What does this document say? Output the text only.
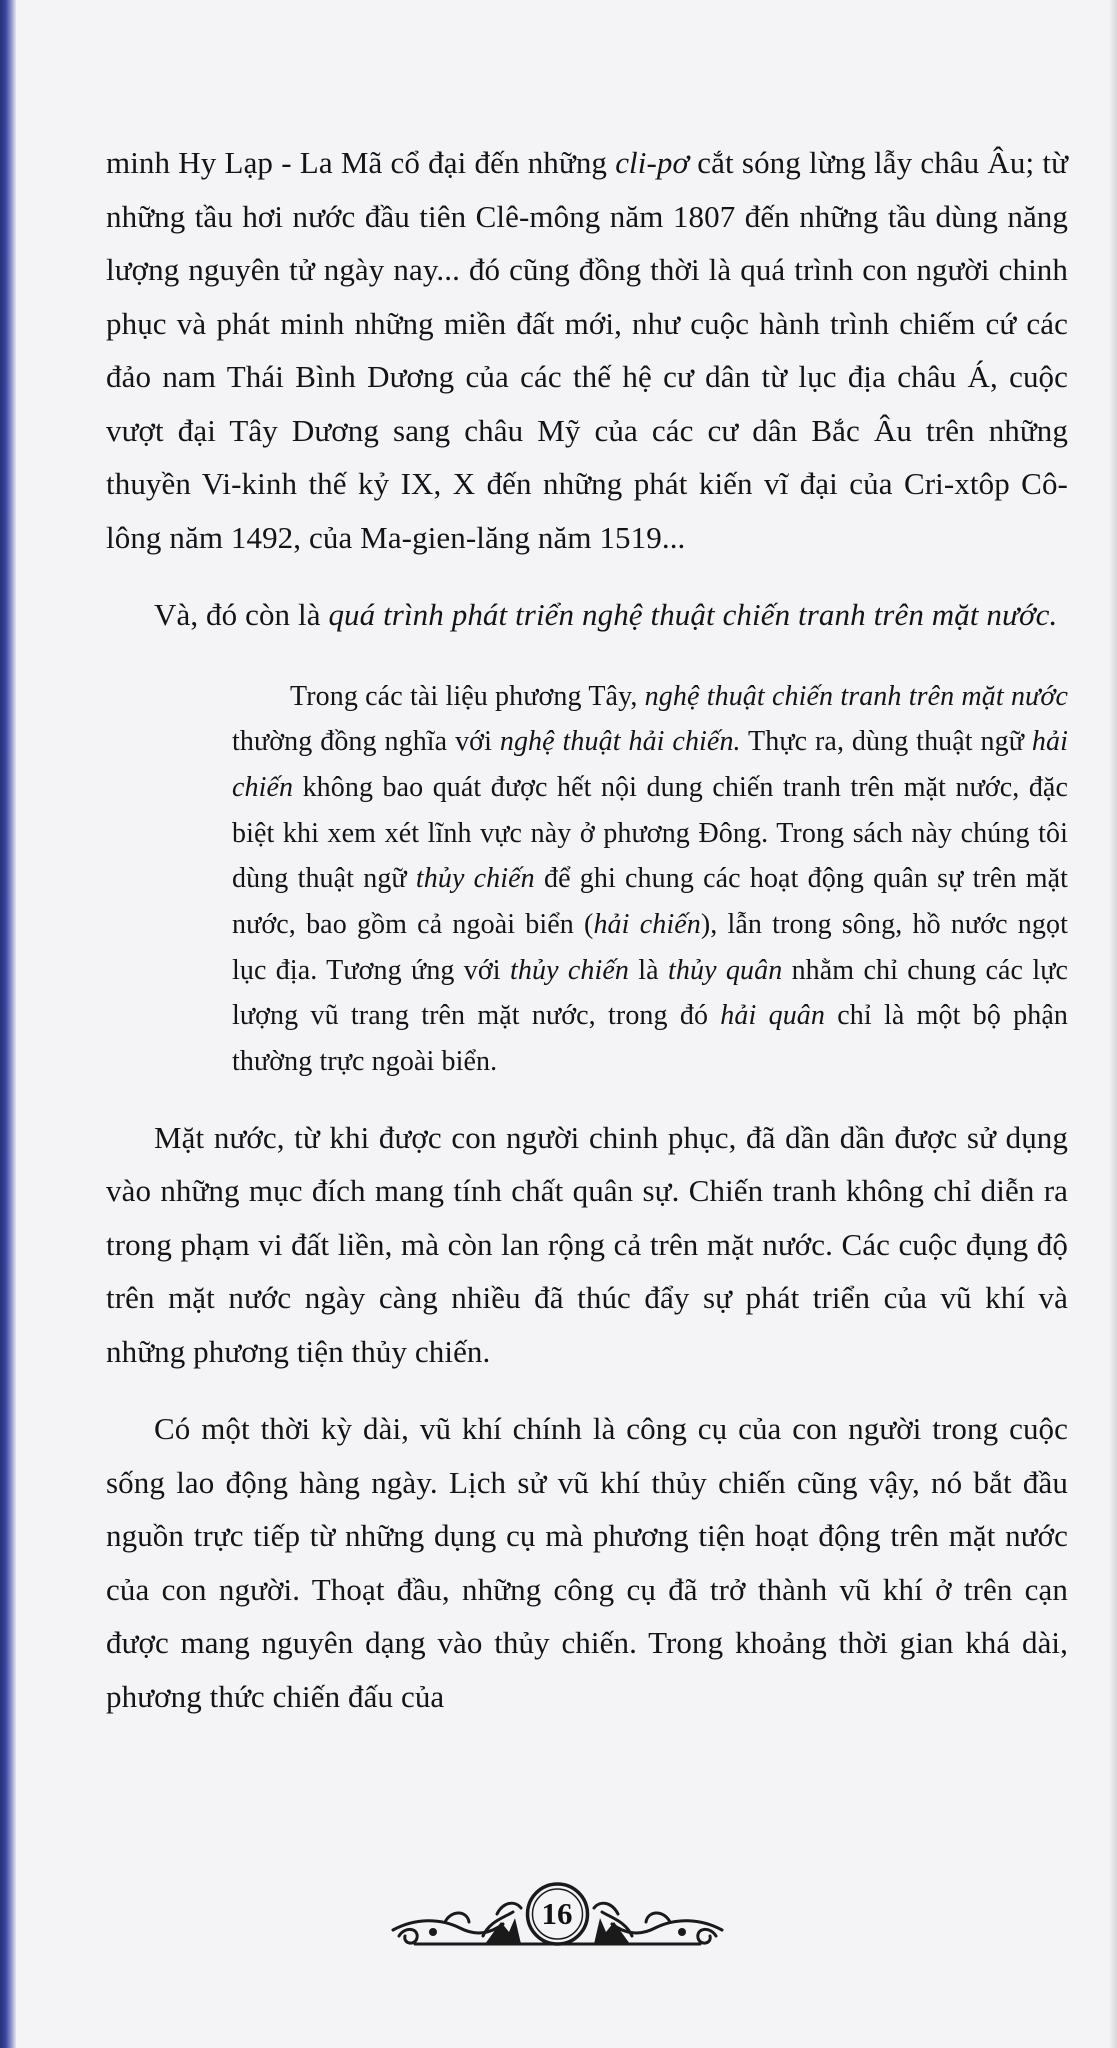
minh Hy Lạp - La Mã cổ đại đến những cli-pơ cắt sóng lừng lẫy châu Âu; từ những tầu hơi nước đầu tiên Clê-mông năm 1807 đến những tầu dùng năng lượng nguyên tử ngày nay... đó cũng đồng thời là quá trình con người chinh phục và phát minh những miền đất mới, như cuộc hành trình chiếm cứ các đảo nam Thái Bình Dương của các thế hệ cư dân từ lục địa châu Á, cuộc vượt đại Tây Dương sang châu Mỹ của các cư dân Bắc Âu trên những thuyền Vi-kinh thế kỷ IX, X đến những phát kiến vĩ đại của Cri-xtôp Cô-lông năm 1492, của Ma-gien-lăng năm 1519...

Và, đó còn là quá trình phát triển nghệ thuật chiến tranh trên mặt nước.

Trong các tài liệu phương Tây, nghệ thuật chiến tranh trên mặt nước thường đồng nghĩa với nghệ thuật hải chiến. Thực ra, dùng thuật ngữ hải chiến không bao quát được hết nội dung chiến tranh trên mặt nước, đặc biệt khi xem xét lĩnh vực này ở phương Đông. Trong sách này chúng tôi dùng thuật ngữ thủy chiến để ghi chung các hoạt động quân sự trên mặt nước, bao gồm cả ngoài biển (hải chiến), lẫn trong sông, hồ nước ngọt lục địa. Tương ứng với thủy chiến là thủy quân nhằm chỉ chung các lực lượng vũ trang trên mặt nước, trong đó hải quân chỉ là một bộ phận thường trực ngoài biển.

Mặt nước, từ khi được con người chinh phục, đã dần dần được sử dụng vào những mục đích mang tính chất quân sự. Chiến tranh không chỉ diễn ra trong phạm vi đất liền, mà còn lan rộng cả trên mặt nước. Các cuộc đụng độ trên mặt nước ngày càng nhiều đã thúc đẩy sự phát triển của vũ khí và những phương tiện thủy chiến.

Có một thời kỳ dài, vũ khí chính là công cụ của con người trong cuộc sống lao động hàng ngày. Lịch sử vũ khí thủy chiến cũng vậy, nó bắt đầu nguồn trực tiếp từ những dụng cụ mà phương tiện hoạt động trên mặt nước của con người. Thoạt đầu, những công cụ đã trở thành vũ khí ở trên cạn được mang nguyên dạng vào thủy chiến. Trong khoảng thời gian khá dài, phương thức chiến đấu của

16
